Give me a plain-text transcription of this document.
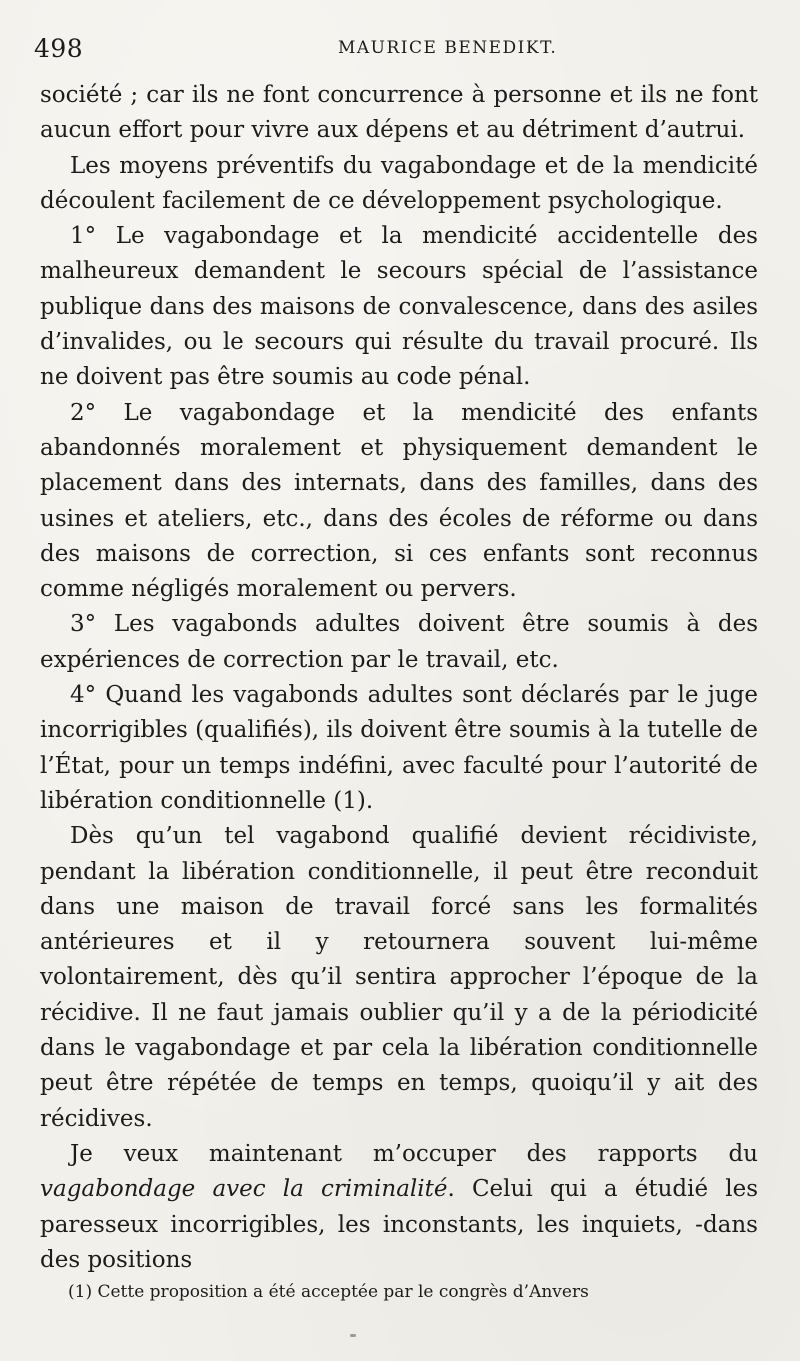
498	MAURICE BENEDIKT.

société ; car ils ne font concurrence à personne et ils ne font aucun effort pour vivre aux dépens et au détriment d’autrui.

Les moyens préventifs du vagabondage et de la mendicité découlent facilement de ce développement psychologique.

1° Le vagabondage et la mendicité accidentelle des malheureux demandent le secours spécial de l’assistance publique dans des maisons de convalescence, dans des asiles d’invalides, ou le secours qui résulte du travail procuré. Ils ne doivent pas être soumis au code pénal.

2° Le vagabondage et la mendicité des enfants abandonnés moralement et physiquement demandent le placement dans des internats, dans des familles, dans des usines et ateliers, etc., dans des écoles de réforme ou dans des maisons de correction, si ces enfants sont reconnus comme négligés moralement ou pervers.

3° Les vagabonds adultes doivent être soumis à des expériences de correction par le travail, etc.

4° Quand les vagabonds adultes sont déclarés par le juge incorrigibles (qualifiés), ils doivent être soumis à la tutelle de l’État, pour un temps indéfini, avec faculté pour l’autorité de libération conditionnelle (1).

Dès qu’un tel vagabond qualifié devient récidiviste, pendant la libération conditionnelle, il peut être reconduit dans une maison de travail forcé sans les formalités antérieures et il y retournera souvent lui-même volontairement, dès qu’il sentira approcher l’époque de la récidive. Il ne faut jamais oublier qu’il y a de la périodicité dans le vagabondage et par cela la libération conditionnelle peut être répétée de temps en temps, quoiqu’il y ait des récidives.

Je veux maintenant m’occuper des rapports du vagabondage avec la criminalité. Celui qui a étudié les paresseux incorrigibles, les inconstants, les inquiets, -dans des positions

(1) Cette proposition a été acceptée par le congrès d’Anvers
